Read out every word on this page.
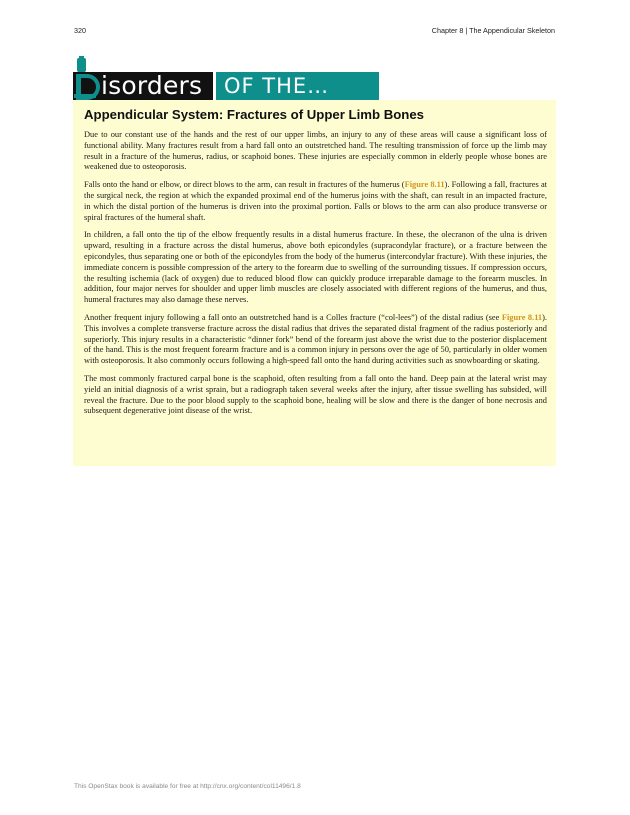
320	Chapter 8 | The Appendicular Skeleton
isorders OF THE…
Appendicular System: Fractures of Upper Limb Bones

Due to our constant use of the hands and the rest of our upper limbs, an injury to any of these areas will cause a significant loss of functional ability. Many fractures result from a hard fall onto an outstretched hand. The resulting transmission of force up the limb may result in a fracture of the humerus, radius, or scaphoid bones. These injuries are especially common in elderly people whose bones are weakened due to osteoporosis.

Falls onto the hand or elbow, or direct blows to the arm, can result in fractures of the humerus (Figure 8.11). Following a fall, fractures at the surgical neck, the region at which the expanded proximal end of the humerus joins with the shaft, can result in an impacted fracture, in which the distal portion of the humerus is driven into the proximal portion. Falls or blows to the arm can also produce transverse or spiral fractures of the humeral shaft.

In children, a fall onto the tip of the elbow frequently results in a distal humerus fracture. In these, the olecranon of the ulna is driven upward, resulting in a fracture across the distal humerus, above both epicondyles (supracondylar fracture), or a fracture between the epicondyles, thus separating one or both of the epicondyles from the body of the humerus (intercondylar fracture). With these injuries, the immediate concern is possible compression of the artery to the forearm due to swelling of the surrounding tissues. If compression occurs, the resulting ischemia (lack of oxygen) due to reduced blood flow can quickly produce irreparable damage to the forearm muscles. In addition, four major nerves for shoulder and upper limb muscles are closely associated with different regions of the humerus, and thus, humeral fractures may also damage these nerves.

Another frequent injury following a fall onto an outstretched hand is a Colles fracture (“col-lees”) of the distal radius (see Figure 8.11). This involves a complete transverse fracture across the distal radius that drives the separated distal fragment of the radius posteriorly and superiorly. This injury results in a characteristic “dinner fork” bend of the forearm just above the wrist due to the posterior displacement of the hand. This is the most frequent forearm fracture and is a common injury in persons over the age of 50, particularly in older women with osteoporosis. It also commonly occurs following a high-speed fall onto the hand during activities such as snowboarding or skating.

The most commonly fractured carpal bone is the scaphoid, often resulting from a fall onto the hand. Deep pain at the lateral wrist may yield an initial diagnosis of a wrist sprain, but a radiograph taken several weeks after the injury, after tissue swelling has subsided, will reveal the fracture. Due to the poor blood supply to the scaphoid bone, healing will be slow and there is the danger of bone necrosis and subsequent degenerative joint disease of the wrist.

This OpenStax book is available for free at http://cnx.org/content/col11496/1.8
